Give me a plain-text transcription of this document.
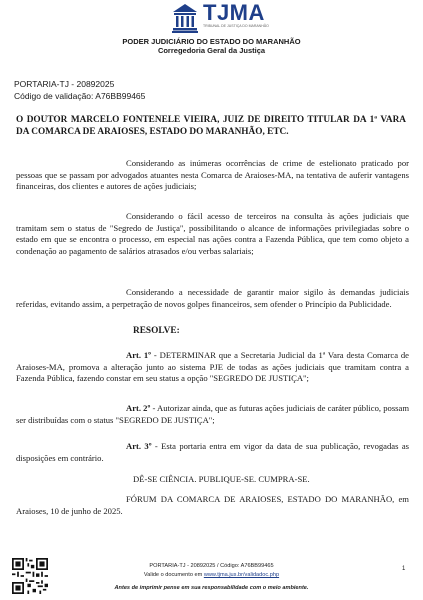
TJMA
TRIBUNAL DE JUSTIÇA DO MARANHÃO
PODER JUDICIÁRIO DO ESTADO DO MARANHÃO
Corregedoria Geral da Justiça
PORTARIA-TJ - 20892025
Código de validação: A76BB99465
O DOUTOR MARCELO FONTENELE VIEIRA, JUIZ DE DIREITO TITULAR DA 1ª VARA DA COMARCA DE ARAIOSES, ESTADO DO MARANHÃO, ETC.
Considerando as inúmeras ocorrências de crime de estelionato praticado por pessoas que se passam por advogados atuantes nesta Comarca de Araioses-MA, na tentativa de auferir vantagens financeiras, dos clientes e autores de ações judiciais;
Considerando o fácil acesso de terceiros na consulta às ações judiciais que tramitam sem o status de "Segredo de Justiça", possibilitando o alcance de informações privilegiadas sobre o estado em que se encontra o processo, em especial nas ações contra a Fazenda Pública, que tem como objeto a condenação ao pagamento de salários atrasados e/ou verbas salariais;
Considerando a necessidade de garantir maior sigilo às demandas judiciais referidas, evitando assim, a perpetração de novos golpes financeiros, sem ofender o Princípio da Publicidade.
RESOLVE:
Art. 1º - DETERMINAR que a Secretaria Judicial da 1ª Vara desta Comarca de Araioses-MA, promova a alteração junto ao sistema PJE de todas as ações judiciais que tramitam contra a Fazenda Pública, fazendo constar em seu status a opção "SEGREDO DE JUSTIÇA";
Art. 2º - Autorizar ainda, que as futuras ações judiciais de caráter público, possam ser distribuídas com o status "SEGREDO DE JUSTIÇA";
Art. 3º - Esta portaria entra em vigor da data de sua publicação, revogadas as disposições em contrário.
DÊ-SE CIÊNCIA. PUBLIQUE-SE. CUMPRA-SE.
FÓRUM DA COMARCA DE ARAIOSES, ESTADO DO MARANHÃO, em Araioses, 10 de junho de 2025.
PORTARIA-TJ - 20892025 / Código: A76BB99465
Valide o documento em www.tjma.jus.br/validadoc.php
Antes de imprimir pense em sua responsabilidade com o meio ambiente.
1
